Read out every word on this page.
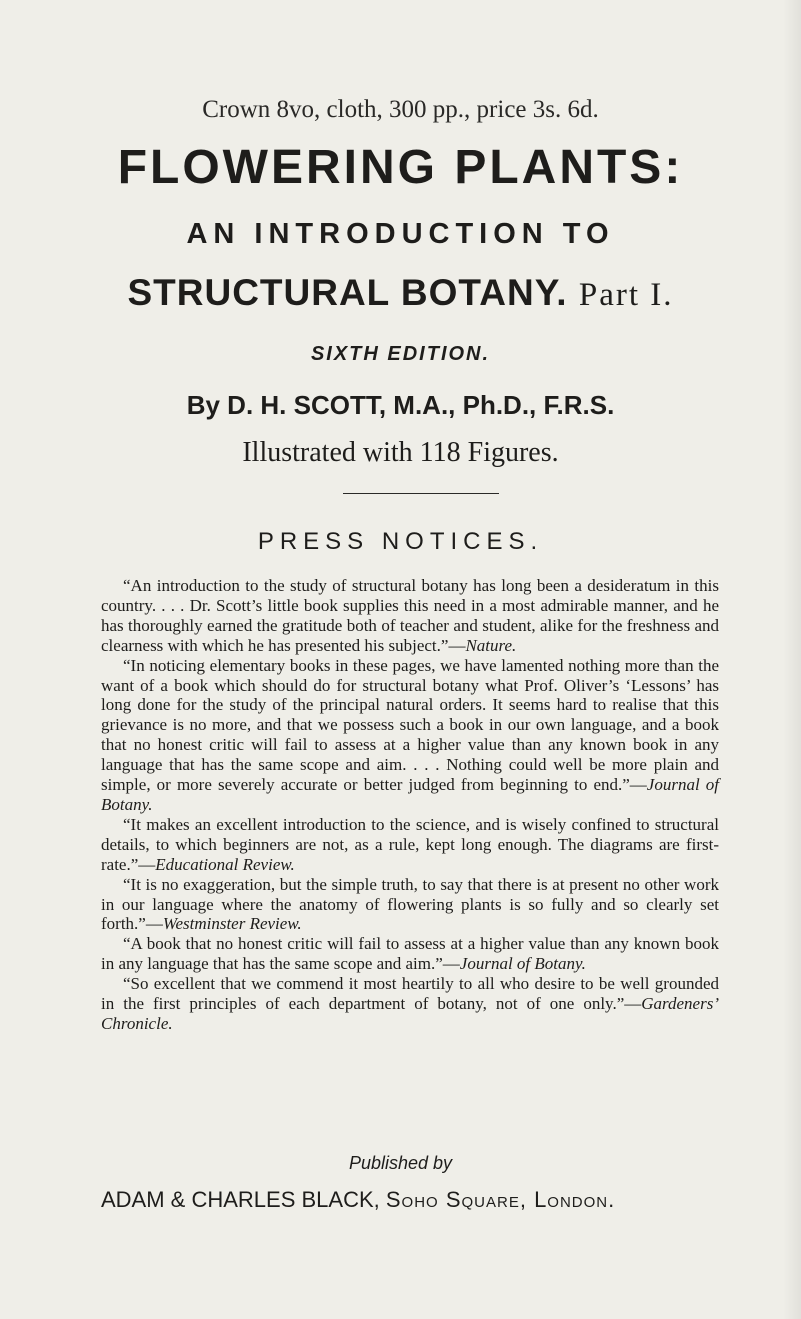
Crown 8vo, cloth, 300 pp., price 3s. 6d.
FLOWERING PLANTS:
AN INTRODUCTION TO
STRUCTURAL BOTANY. Part I.
SIXTH EDITION.
By D. H. SCOTT, M.A., Ph.D., F.R.S.
Illustrated with 118 Figures.
PRESS NOTICES.

“An introduction to the study of structural botany has long been a desideratum in this country. . . . Dr. Scott’s little book supplies this need in a most admirable manner, and he has thoroughly earned the gratitude both of teacher and student, alike for the freshness and clearness with which he has presented his subject.”—Nature.

“In noticing elementary books in these pages, we have lamented nothing more than the want of a book which should do for structural botany what Prof. Oliver’s ‘Lessons’ has long done for the study of the principal natural orders. It seems hard to realise that this grievance is no more, and that we possess such a book in our own language, and a book that no honest critic will fail to assess at a higher value than any known book in any language that has the same scope and aim. . . . Nothing could well be more plain and simple, or more severely accurate or better judged from beginning to end.”—Journal of Botany.

“It makes an excellent introduction to the science, and is wisely confined to structural details, to which beginners are not, as a rule, kept long enough. The diagrams are first-rate.”—Educational Review.

“It is no exaggeration, but the simple truth, to say that there is at present no other work in our language where the anatomy of flowering plants is so fully and so clearly set forth.”—Westminster Review.

“A book that no honest critic will fail to assess at a higher value than any known book in any language that has the same scope and aim.”—Journal of Botany.

“So excellent that we commend it most heartily to all who desire to be well grounded in the first principles of each department of botany, not of one only.”—Gardeners’ Chronicle.

Published by
ADAM & CHARLES BLACK, Soho Square, London.
